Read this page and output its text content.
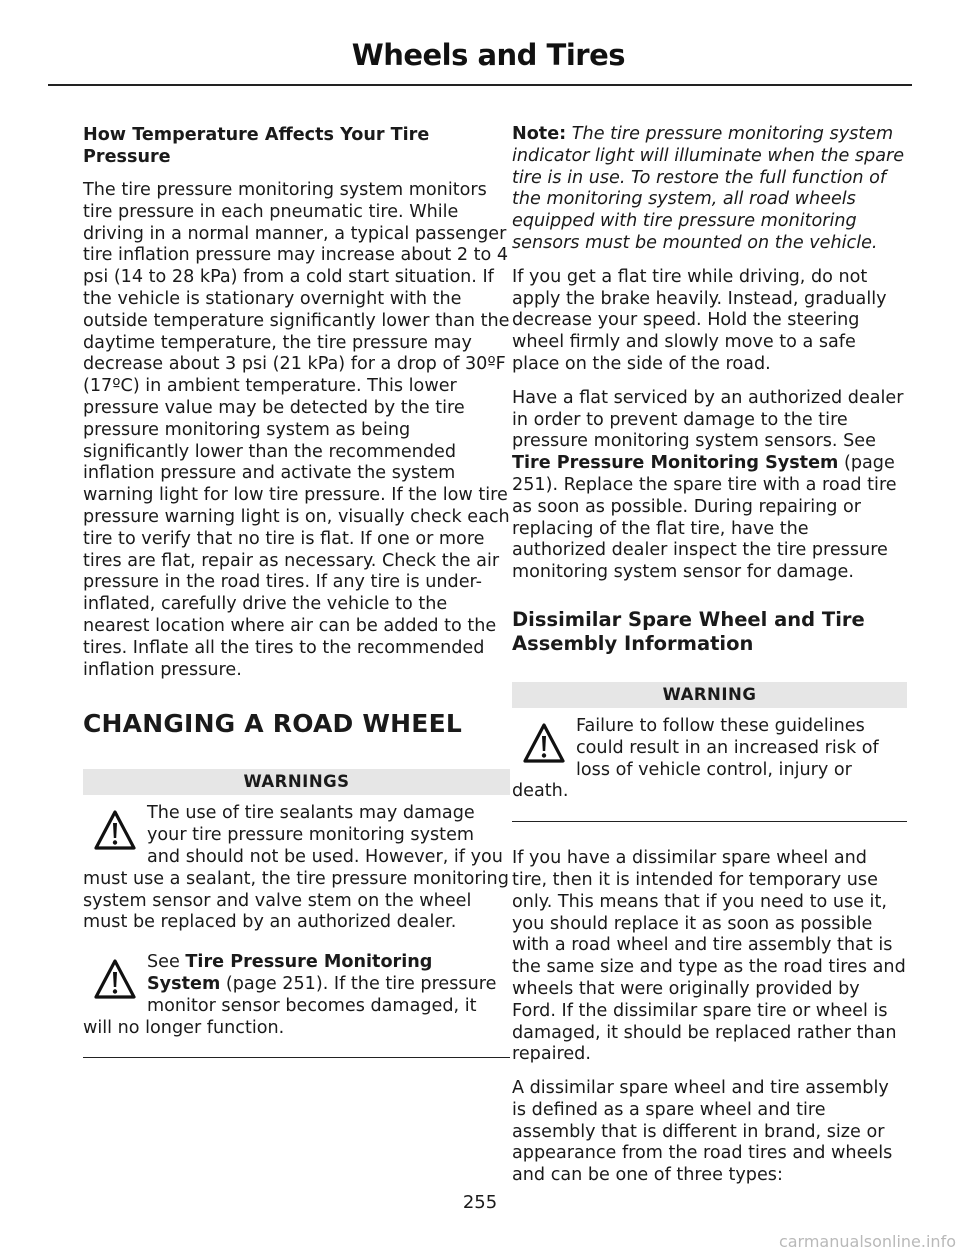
Wheels and Tires
How Temperature Affects Your Tire Pressure

The tire pressure monitoring system monitors tire pressure in each pneumatic tire. While driving in a normal manner, a typical passenger tire inflation pressure may increase about 2 to 4 psi (14 to 28 kPa) from a cold start situation. If the vehicle is stationary overnight with the outside temperature significantly lower than the daytime temperature, the tire pressure may decrease about 3 psi (21 kPa) for a drop of 30ºF (17ºC) in ambient temperature. This lower pressure value may be detected by the tire pressure monitoring system as being significantly lower than the recommended inflation pressure and activate the system warning light for low tire pressure. If the low tire pressure warning light is on, visually check each tire to verify that no tire is flat. If one or more tires are flat, repair as necessary. Check the air pressure in the road tires. If any tire is under-inflated, carefully drive the vehicle to the nearest location where air can be added to the tires. Inflate all the tires to the recommended inflation pressure.

CHANGING A ROAD WHEEL
WARNINGS
The use of tire sealants may damage your tire pressure monitoring system and should not be used. However, if you must use a sealant, the tire pressure monitoring system sensor and valve stem on the wheel must be replaced by an authorized dealer.
See Tire Pressure Monitoring System (page 251). If the tire pressure monitor sensor becomes damaged, it will no longer function.

Note: The tire pressure monitoring system indicator light will illuminate when the spare tire is in use. To restore the full function of the monitoring system, all road wheels equipped with tire pressure monitoring sensors must be mounted on the vehicle.

If you get a flat tire while driving, do not apply the brake heavily. Instead, gradually decrease your speed. Hold the steering wheel firmly and slowly move to a safe place on the side of the road.

Have a flat serviced by an authorized dealer in order to prevent damage to the tire pressure monitoring system sensors. See Tire Pressure Monitoring System (page 251). Replace the spare tire with a road tire as soon as possible. During repairing or replacing of the flat tire, have the authorized dealer inspect the tire pressure monitoring system sensor for damage.

Dissimilar Spare Wheel and Tire Assembly Information
WARNING
Failure to follow these guidelines could result in an increased risk of loss of vehicle control, injury or death.

If you have a dissimilar spare wheel and tire, then it is intended for temporary use only. This means that if you need to use it, you should replace it as soon as possible with a road wheel and tire assembly that is the same size and type as the road tires and wheels that were originally provided by Ford. If the dissimilar spare tire or wheel is damaged, it should be replaced rather than repaired.

A dissimilar spare wheel and tire assembly is defined as a spare wheel and tire assembly that is different in brand, size or appearance from the road tires and wheels and can be one of three types:

255
carmanualsonline.info
